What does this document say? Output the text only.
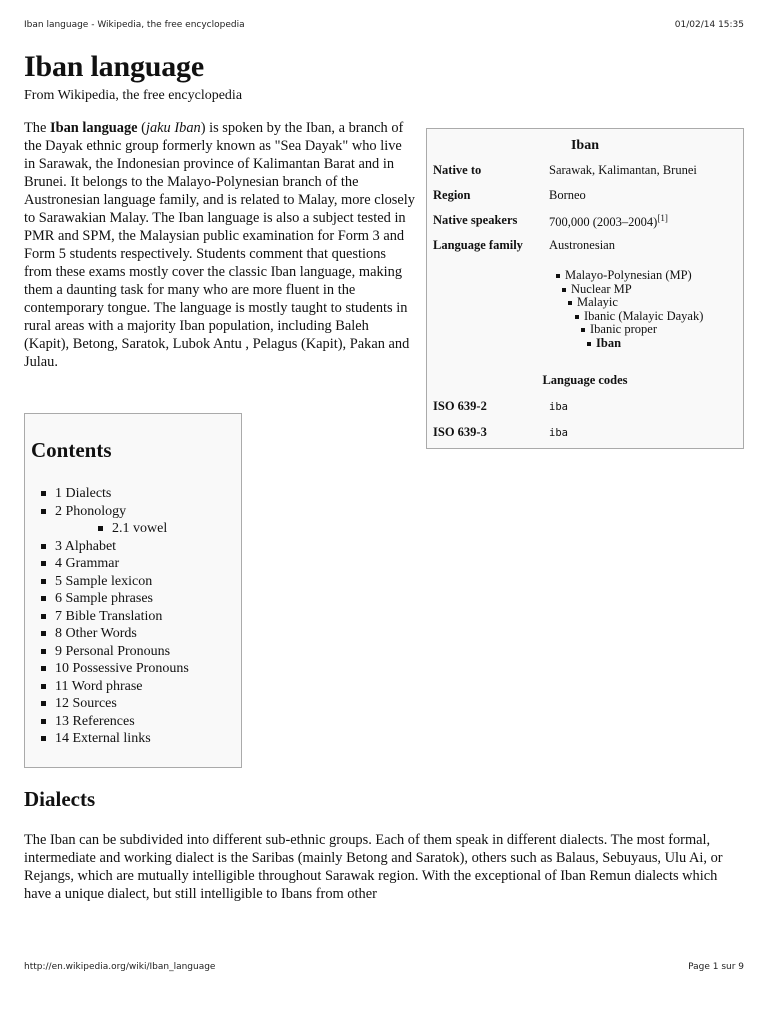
Iban language - Wikipedia, the free encyclopedia	01/02/14 15:35
Iban language
From Wikipedia, the free encyclopedia

The Iban language (jaku Iban) is spoken by the Iban, a branch of the Dayak ethnic group formerly known as "Sea Dayak" who live in Sarawak, the Indonesian province of Kalimantan Barat and in Brunei. It belongs to the Malayo-Polynesian branch of the Austronesian language family, and is related to Malay, more closely to Sarawakian Malay. The Iban language is also a subject tested in PMR and SPM, the Malaysian public examination for Form 3 and Form 5 students respectively. Students comment that questions from these exams mostly cover the classic Iban language, making them a daunting task for many who are more fluent in the contemporary tongue. The language is mostly taught to students in rural areas with a majority Iban population, including Baleh (Kapit), Betong, Saratok, Lubok Antu , Pelagus (Kapit), Pakan and Julau.

Iban
Native to	Sarawak, Kalimantan, Brunei
Region	Borneo
Native speakers	700,000 (2003–2004)[1]
Language family Austronesian
Malayo-Polynesian (MP)
Nuclear MP
Malayic
Ibanic (Malayic Dayak)
Ibanic proper
Iban
Language codes
ISO 639-2	iba
ISO 639-3	iba
Contents
1 Dialects
2 Phonology
2.1 vowel
3 Alphabet
4 Grammar
5 Sample lexicon
6 Sample phrases
7 Bible Translation
8 Other Words
9 Personal Pronouns
10 Possessive Pronouns
11 Word phrase
12 Sources
13 References
14 External links
Dialects

The Iban can be subdivided into different sub-ethnic groups. Each of them speak in different dialects. The most formal, intermediate and working dialect is the Saribas (mainly Betong and Saratok), others such as Balaus, Sebuyaus, Ulu Ai, or Rejangs, which are mutually intelligible throughout Sarawak region. With the exceptional of Iban Remun dialects which have a unique dialect, but still intelligible to Ibans from other

http://en.wikipedia.org/wiki/Iban_language	Page 1 sur 9
